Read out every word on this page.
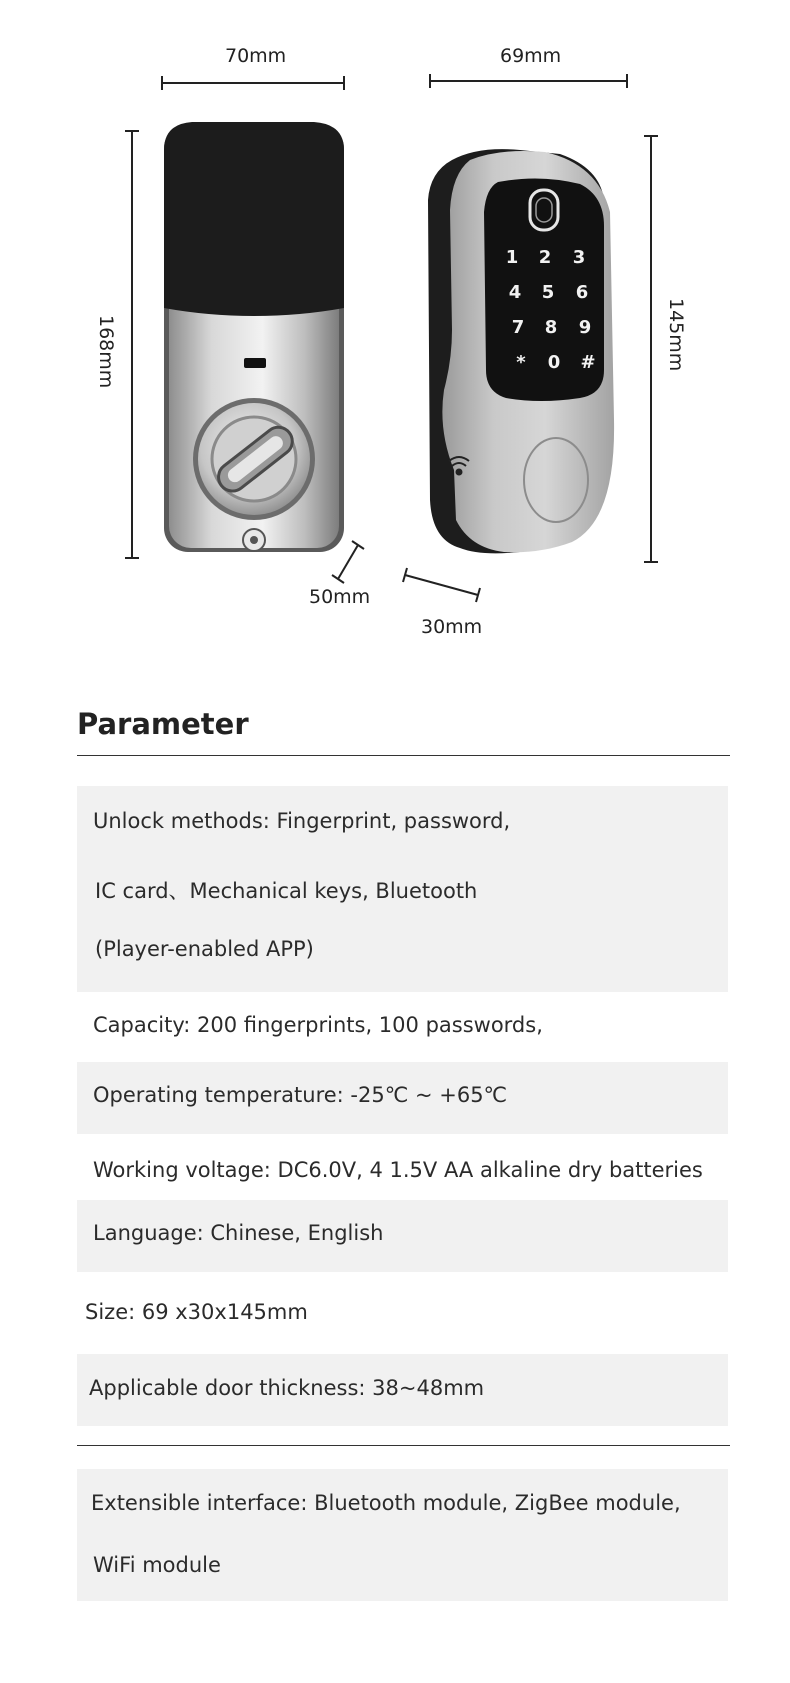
1 2 3
4 5 6
7 8 9
* 0 #
70mm	69mm
168mm	145mm
50mm
30mm
Parameter
Unlock methods: Fingerprint, password,
IC card、Mechanical keys, Bluetooth
(Player-enabled APP)
Capacity: 200 fingerprints, 100 passwords,
Operating temperature: -25℃ ~ +65℃
Working voltage: DC6.0V, 4 1.5V AA alkaline dry batteries
Language: Chinese, English
Size: 69 x30x145mm
Applicable door thickness: 38~48mm
Extensible interface: Bluetooth module, ZigBee module,
WiFi module
